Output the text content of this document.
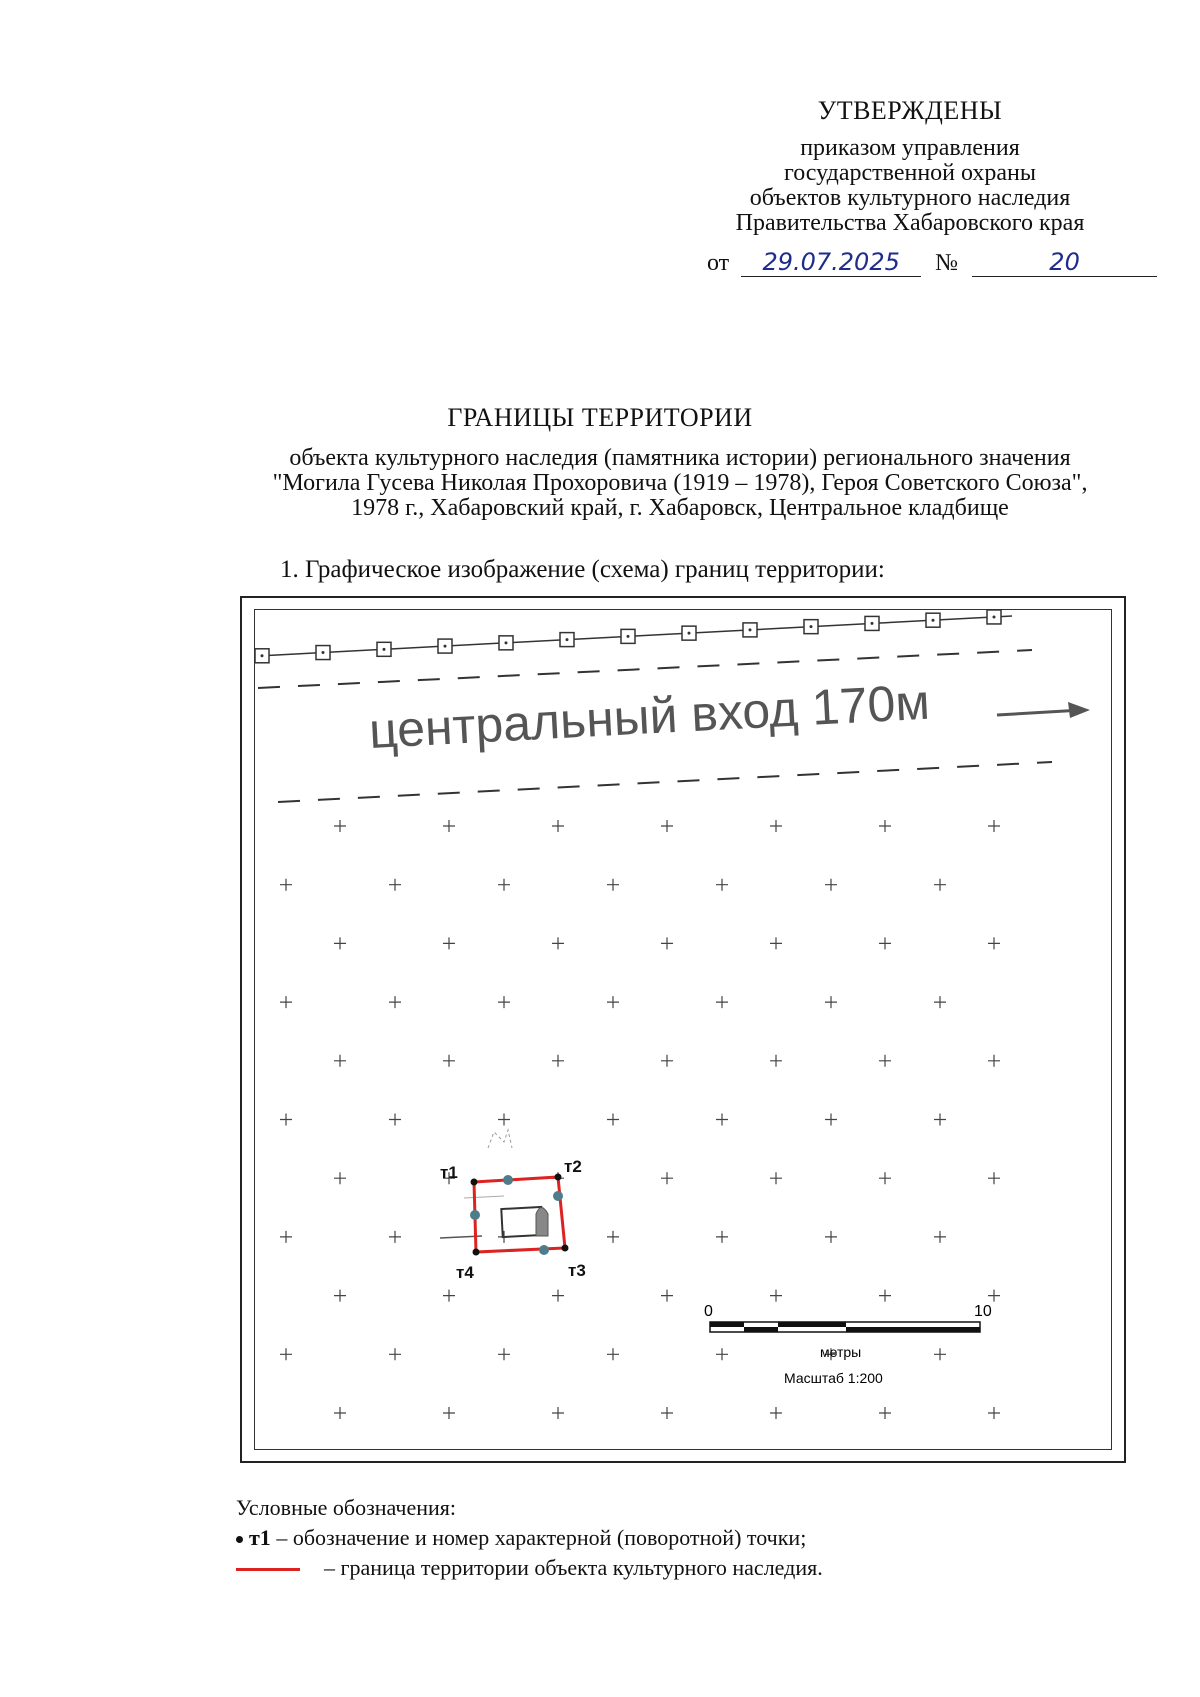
УТВЕРЖДЕНЫ
приказом управления
государственной охраны
объектов культурного наследия
Правительства Хабаровского края
от 29.07.2025 №	20
ГРАНИЦЫ ТЕРРИТОРИИ
объекта культурного наследия (памятника истории) регионального значения
"Могила Гусева Николая Прохоровича (1919 – 1978), Героя Советского Союза",
1978 г., Хабаровский край, г. Хабаровск, Центральное кладбище
1. Графическое изображение (схема) границ территории:
центральный вход 170м
т1	т2
т3
т4
0	10
метры
Масштаб 1:200
Условные обозначения:
т1 – обозначение и номер характерной (поворотной) точки;
– граница территории объекта культурного наследия.
